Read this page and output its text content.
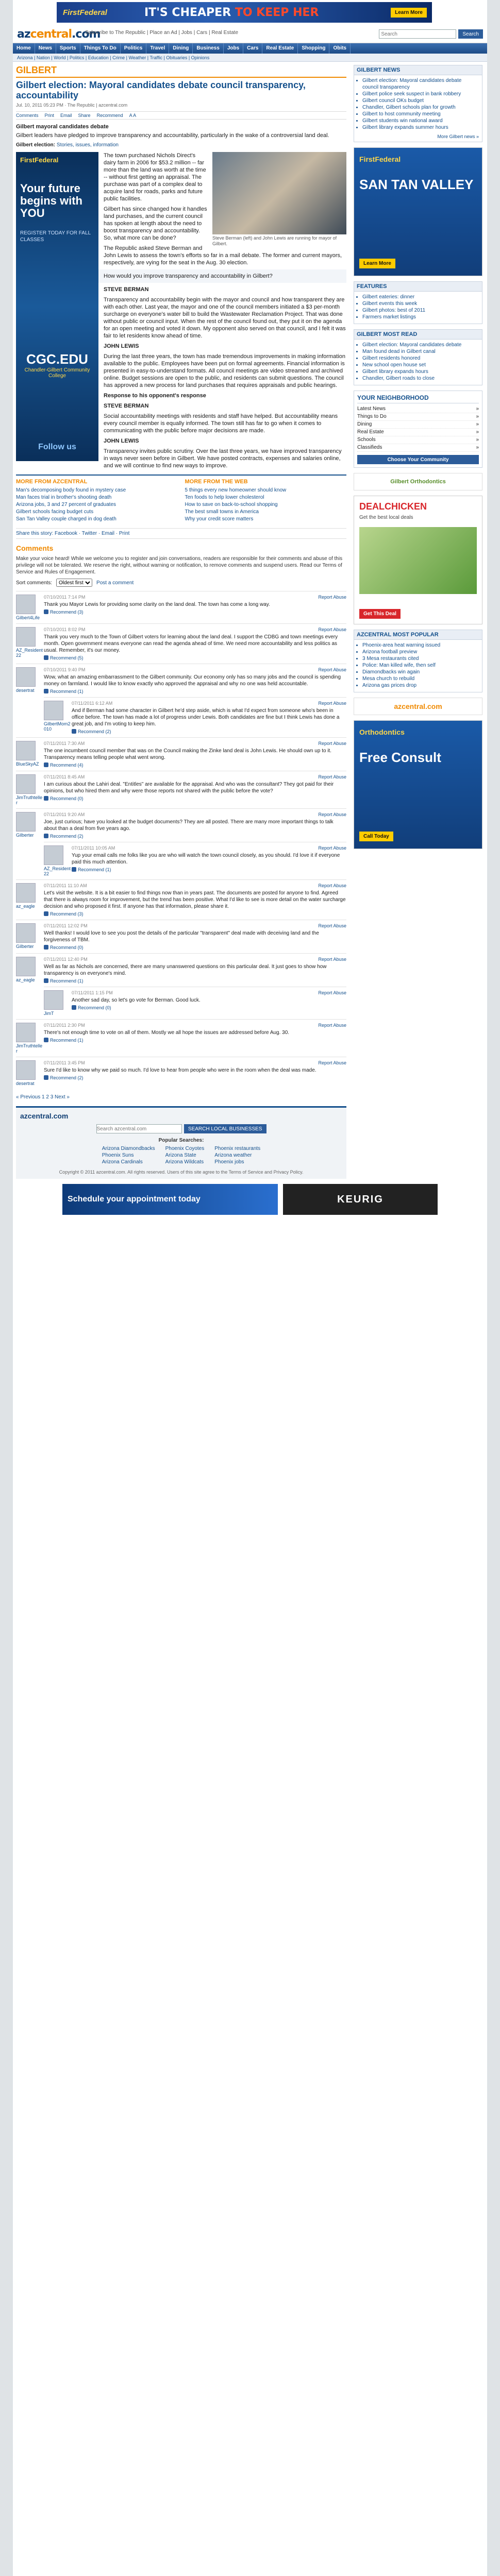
FirstFederal	IT'S CHEAPER TO KEEP HER	Learn More
azcentral.com
Subscribe to The Republic | Place an Ad | Jobs | Cars | Real Estate
Search	Search
Home	News	Sports	Things To Do	Politics	Travel	Dining	Business	Jobs	Cars	Real Estate	Shopping	Obits
Arizona | Nation | World | Politics | Education | Crime | Weather | Traffic | Obituaries | Opinions
GILBERT
Gilbert election: Mayoral candidates debate council transparency, accountability
Jul. 10, 2011 05:23 PM · The Republic | azcentral.com
Comments Print Email Share Recommend A A
Gilbert mayoral candidates debate

Gilbert leaders have pledged to improve transparency and accountability, particularly in the wake of a controversial land deal.

Gilbert election: Stories, issues, information
FirstFederal
Your future begins with YOU
REGISTER TODAY FOR FALL CLASSES
CGC.EDU
Chandler-Gilbert Community College
Follow us
Steve Berman (left) and John Lewis are running for mayor of Gilbert.

The town purchased Nichols Direct's dairy farm in 2006 for $53.2 million -- far more than the land was worth at the time -- without first getting an appraisal. The purchase was part of a complex deal to acquire land for roads, parks and future public facilities.

Gilbert has since changed how it handles land purchases, and the current council has spoken at length about the need to boost transparency and accountability. So, what more can be done?

The Republic asked Steve Berman and John Lewis to assess the town's efforts so far in a mail debate. The former and current mayors, respectively, are vying for the seat in the Aug. 30 election.

How would you improve transparency and accountability in Gilbert?

STEVE BERMAN

Transparency and accountability begin with the mayor and council and how transparent they are with each other. Last year, the mayor and one of the council members initiated a $3 per-month surcharge on everyone's water bill to build the Wastewater Reclamation Project. That was done without public or council input. When the rest of the council found out, they put it on the agenda for an open meeting and voted it down. My opponent also served on that council, and I felt it was fair to let residents know ahead of time.

JOHN LEWIS

During the last three years, the town has made tremendous improvements in making information available to the public. Employees have been put on formal agreements. Financial information is presented in easy-to-understand formats. All council meetings are video streamed and archived online. Budget sessions are open to the public, and residents can submit questions. The council has approved a new process for land purchases that requires appraisals and public hearings.

Response to his opponent's response

STEVE BERMAN

Social accountability meetings with residents and staff have helped. But accountability means every council member is equally informed. The town still has far to go when it comes to communicating with the public before major decisions are made.

JOHN LEWIS

Transparency invites public scrutiny. Over the last three years, we have improved transparency in ways never seen before in Gilbert. We have posted contracts, expenses and salaries online, and we will continue to find new ways to improve.

MORE FROM AZCENTRAL
Man's decomposing body found in mystery case
Man faces trial in brother's shooting death
Arizona jobs, 3 and 27 percent of graduates
Gilbert schools facing budget cuts
San Tan Valley couple charged in dog death
MORE FROM THE WEB
5 things every new homeowner should know
Ten foods to help lower cholesterol
How to save on back-to-school shopping
The best small towns in America
Why your credit score matters
Share this story: Facebook · Twitter · Email · Print
Comments

Make your voice heard! While we welcome you to register and join conversations, readers are responsible for their comments and abuse of this privilege will not be tolerated. We reserve the right, without warning or notification, to remove comments and suspend users. Read our Terms of Service and Rules of Engagement.

Sort comments:
Oldest first	Post a comment
Gilbert4Life
07/10/2011 7:14 PM	Report Abuse
Thank you Mayor Lewis for providing some clarity on the land deal. The town has come a long way.
Recommend (3)
AZ_Resident22
07/10/2011 8:02 PM	Report Abuse
Thank you very much to the Town of Gilbert voters for learning about the land deal. I support the CDBG and town meetings every month. Open government means everyone can read the agenda ahead of time. We need more accountability and less politics as usual. Remember, it's our money.
Recommend (5)
desertrat
07/10/2011 9:40 PM	Report Abuse
Wow, what an amazing embarrassment to the Gilbert community. Our economy only has so many jobs and the council is spending money on farmland. I would like to know exactly who approved the appraisal and why no one was held accountable.
Recommend (1)
GilbertMom2010
07/11/2011 6:12 AM	Report Abuse
And if Berman had some character in Gilbert he'd step aside, which is what I'd expect from someone who's been in office before. The town has made a lot of progress under Lewis. Both candidates are fine but I think Lewis has done a great job, and I'm voting to keep him.
Recommend (2)
BlueSkyAZ
07/11/2011 7:30 AM	Report Abuse
The one incumbent council member that was on the Council making the Zinke land deal is John Lewis. He should own up to it. Transparency means telling people what went wrong.
Recommend (4)
JimTruthteller
07/11/2011 8:45 AM	Report Abuse
I am curious about the Lahiri deal. "Entitles" are available for the appraisal. And who was the consultant? They got paid for their opinions, but who hired them and why were those reports not shared with the public before the vote?
Recommend (0)
Gilberter
07/11/2011 9:20 AM	Report Abuse
Joe, just curious; have you looked at the budget documents? They are all posted. There are many more important things to talk about than a deal from five years ago.
Recommend (2)
AZ_Resident22
07/11/2011 10:05 AM	Report Abuse
Yup your email calls me folks like you are who will watch the town council closely, as you should. I'd love it if everyone paid this much attention.
Recommend (1)
az_eagle
07/11/2011 11:10 AM	Report Abuse
Let's visit the website. It is a bit easier to find things now than in years past. The documents are posted for anyone to find. Agreed that there is always room for improvement, but the trend has been positive. What I'd like to see is more detail on the water surcharge decision and who proposed it first. If anyone has that information, please share it.
Recommend (3)
Gilberter
07/11/2011 12:02 PM	Report Abuse
Well thanks! I would love to see you post the details of the particular "transparent" deal made with deceiving land and the forgiveness of TBM.
Recommend (0)
az_eagle
07/11/2011 12:40 PM	Report Abuse
Well as far as Nichols are concerned, there are many unanswered questions on this particular deal. It just goes to show how transparency is on everyone's mind.
Recommend (1)
JimT
07/11/2011 1:15 PM	Report Abuse
Another sad day, so let's go vote for Berman. Good luck.
Recommend (0)
JimTruthteller
07/11/2011 2:30 PM	Report Abuse
There's not enough time to vote on all of them. Mostly we all hope the issues are addressed before Aug. 30.
Recommend (1)
desertrat
07/11/2011 3:45 PM	Report Abuse
Sure I'd like to know why we paid so much. I'd love to hear from people who were in the room when the deal was made.
Recommend (2)
« Previous 1 2 3 Next »
azcentral.com
Search azcentral.com
SEARCH LOCAL BUSINESSES
Popular Searches:
Arizona Diamondbacks
Phoenix Suns
Arizona Cardinals
Phoenix Coyotes
Arizona State
Arizona Wildcats
Phoenix restaurants
Arizona weather
Phoenix jobs
Copyright © 2011 azcentral.com. All rights reserved. Users of this site agree to the Terms of Service and Privacy Policy.
GILBERT NEWS
• Gilbert election: Mayoral candidates debate council transparency
• Gilbert police seek suspect in bank robbery
• Gilbert council OKs budget
• Chandler, Gilbert schools plan for growth
• Gilbert to host community meeting
• Gilbert students win national award
• Gilbert library expands summer hours
More Gilbert news »
FirstFederal
SAN TAN VALLEY
Learn More
FEATURES
• Gilbert eateries: dinner
• Gilbert events this week
• Gilbert photos: best of 2011
• Farmers market listings
GILBERT MOST READ
• Gilbert election: Mayoral candidates debate
• Man found dead in Gilbert canal
• Gilbert residents honored
• New school open house set
• Gilbert library expands hours
• Chandler, Gilbert roads to close
YOUR NEIGHBORHOOD
Latest News	»
Things to Do	»
Dining	»
Real Estate	»
Schools	»
Classifieds	»
Choose Your Community
Gilbert Orthodontics
DEALCHICKEN
Get the best local deals
Get This Deal
AZCENTRAL MOST POPULAR
• Phoenix-area heat warning issued
• Arizona football preview
• 3 Mesa restaurants cited
• Police: Man killed wife, then self
• Diamondbacks win again
• Mesa church to rebuild
• Arizona gas prices drop
azcentral.com
Orthodontics
Free Consult
Call Today
Schedule your appointment today	KEURIG
